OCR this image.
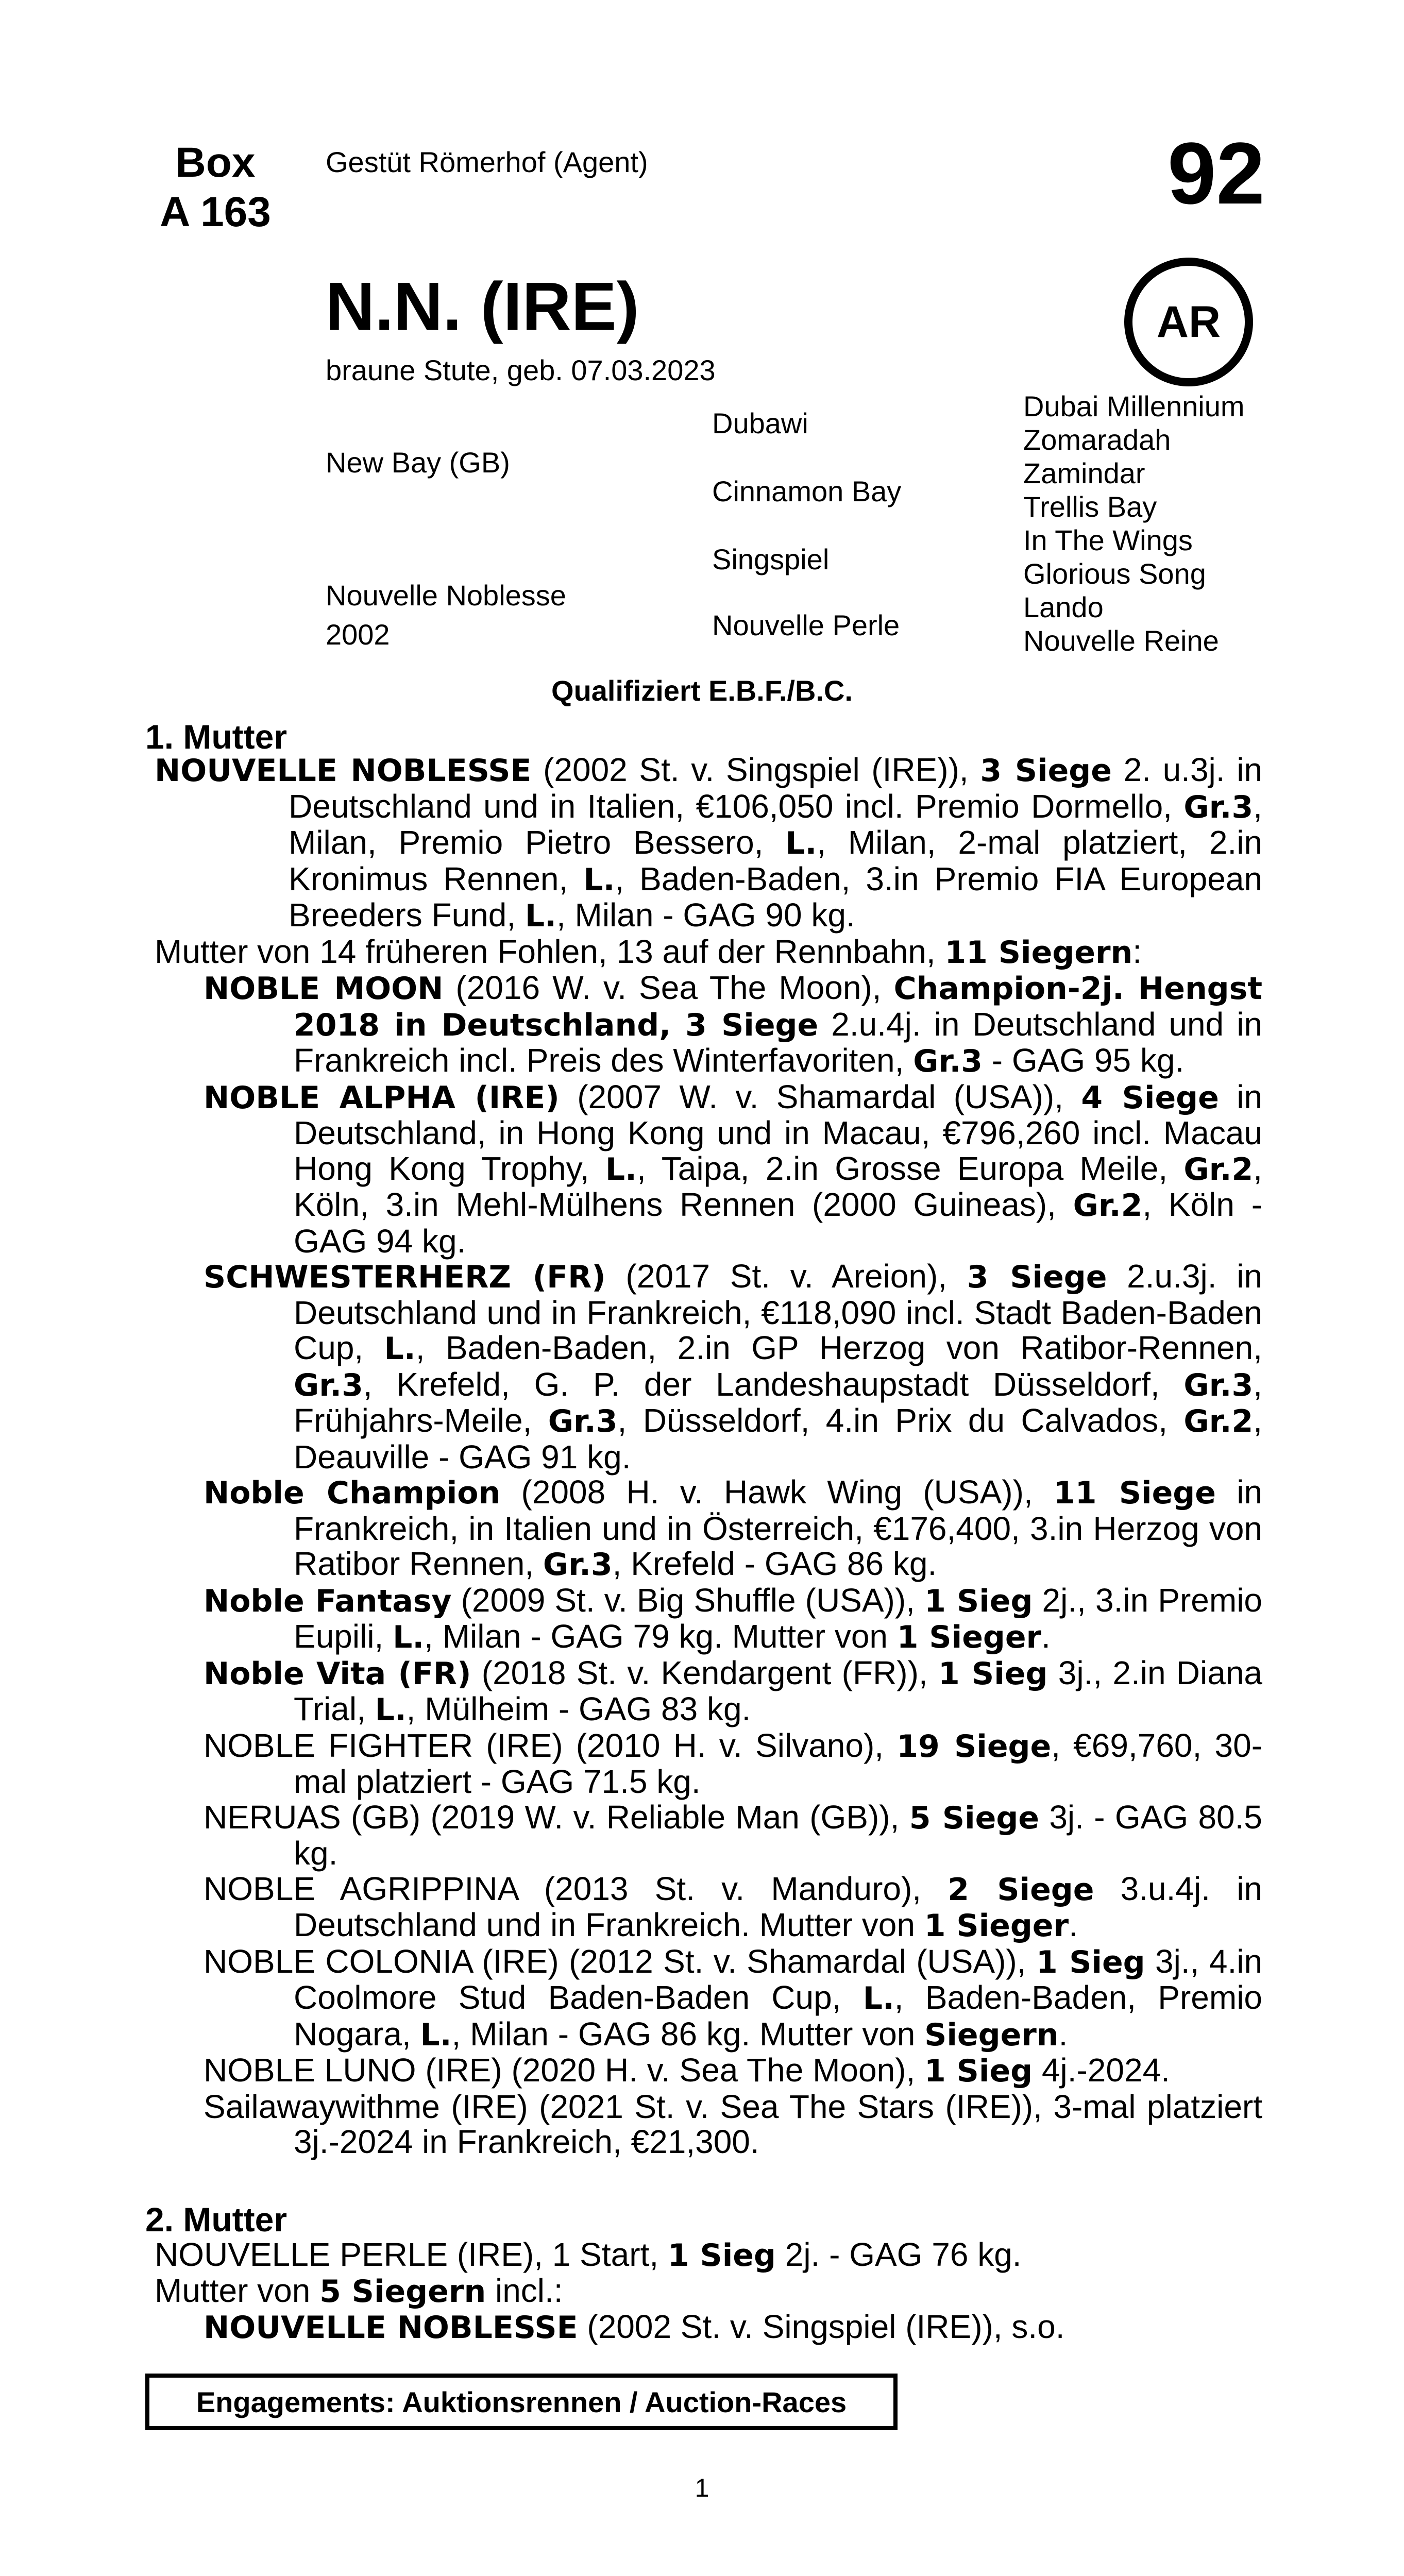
Box
A 163
Gestüt Römerhof (Agent)	92
AR
N.N. (IRE)
braune Stute, geb. 07.03.2023
New Bay (GB)
Nouvelle Noblesse
2002
Dubawi
Cinnamon Bay
Singspiel
Nouvelle Perle
Dubai Millennium
Zomaradah
Zamindar
Trellis Bay
In The Wings
Glorious Song
Lando
Nouvelle Reine
Qualifiziert E.B.F./B.C.
1. Mutter
NOUVELLE NOBLESSE (2002 St. v. Singspiel (IRE)), 3 Siege 2. u.3j. in Deutschland und in Italien, €106,050 incl. Premio Dormello, Gr.3, Milan, Premio Pietro Bessero, L., Milan, 2-mal platziert, 2.in Kronimus Rennen, L., Baden-Baden, 3.in Premio FIA European Breeders Fund, L., Milan - GAG 90 kg.
Mutter von 14 früheren Fohlen, 13 auf der Rennbahn, 11 Siegern:
NOBLE MOON (2016 W. v. Sea The Moon), Champion-2j. Hengst 2018 in Deutschland, 3 Siege 2.u.4j. in Deutschland und in Frankreich incl. Preis des Winterfavoriten, Gr.3 - GAG 95 kg.
NOBLE ALPHA (IRE) (2007 W. v. Shamardal (USA)), 4 Siege in Deutschland, in Hong Kong und in Macau, €796,260 incl. Macau Hong Kong Trophy, L., Taipa, 2.in Grosse Europa Meile, Gr.2, Köln, 3.in Mehl-Mülhens Rennen (2000 Guineas), Gr.2, Köln - GAG 94 kg.
SCHWESTERHERZ (FR) (2017 St. v. Areion), 3 Siege 2.u.3j. in Deutschland und in Frankreich, €118,090 incl. Stadt Baden-Baden Cup, L., Baden-Baden, 2.in GP Herzog von Ratibor-Rennen, Gr.3, Krefeld, G. P. der Landeshaupstadt Düsseldorf, Gr.3, Frühjahrs-Meile, Gr.3, Düsseldorf, 4.in Prix du Calvados, Gr.2, Deauville - GAG 91 kg.
Noble Champion (2008 H. v. Hawk Wing (USA)), 11 Siege in Frankreich, in Italien und in Österreich, €176,400, 3.in Herzog von Ratibor Rennen, Gr.3, Krefeld - GAG 86 kg.
Noble Fantasy (2009 St. v. Big Shuffle (USA)), 1 Sieg 2j., 3.in Premio Eupili, L., Milan - GAG 79 kg. Mutter von 1 Sieger.
Noble Vita (FR) (2018 St. v. Kendargent (FR)), 1 Sieg 3j., 2.in Diana Trial, L., Mülheim - GAG 83 kg.
NOBLE FIGHTER (IRE) (2010 H. v. Silvano), 19 Siege, €69,760, 30-mal platziert - GAG 71.5 kg.
NERUAS (GB) (2019 W. v. Reliable Man (GB)), 5 Siege 3j. - GAG 80.5 kg.
NOBLE AGRIPPINA (2013 St. v. Manduro), 2 Siege 3.u.4j. in Deutschland und in Frankreich. Mutter von 1 Sieger.
NOBLE COLONIA (IRE) (2012 St. v. Shamardal (USA)), 1 Sieg 3j., 4.in Coolmore Stud Baden-Baden Cup, L., Baden-Baden, Premio Nogara, L., Milan - GAG 86 kg. Mutter von Siegern.
NOBLE LUNO (IRE) (2020 H. v. Sea The Moon), 1 Sieg 4j.-2024.
Sailawaywithme (IRE) (2021 St. v. Sea The Stars (IRE)), 3-mal platziert 3j.-2024 in Frankreich, €21,300.
2. Mutter
NOUVELLE PERLE (IRE), 1 Start, 1 Sieg 2j. - GAG 76 kg.
Mutter von 5 Siegern incl.:
NOUVELLE NOBLESSE (2002 St. v. Singspiel (IRE)), s.o.
Engagements: Auktionsrennen / Auction-Races
1
